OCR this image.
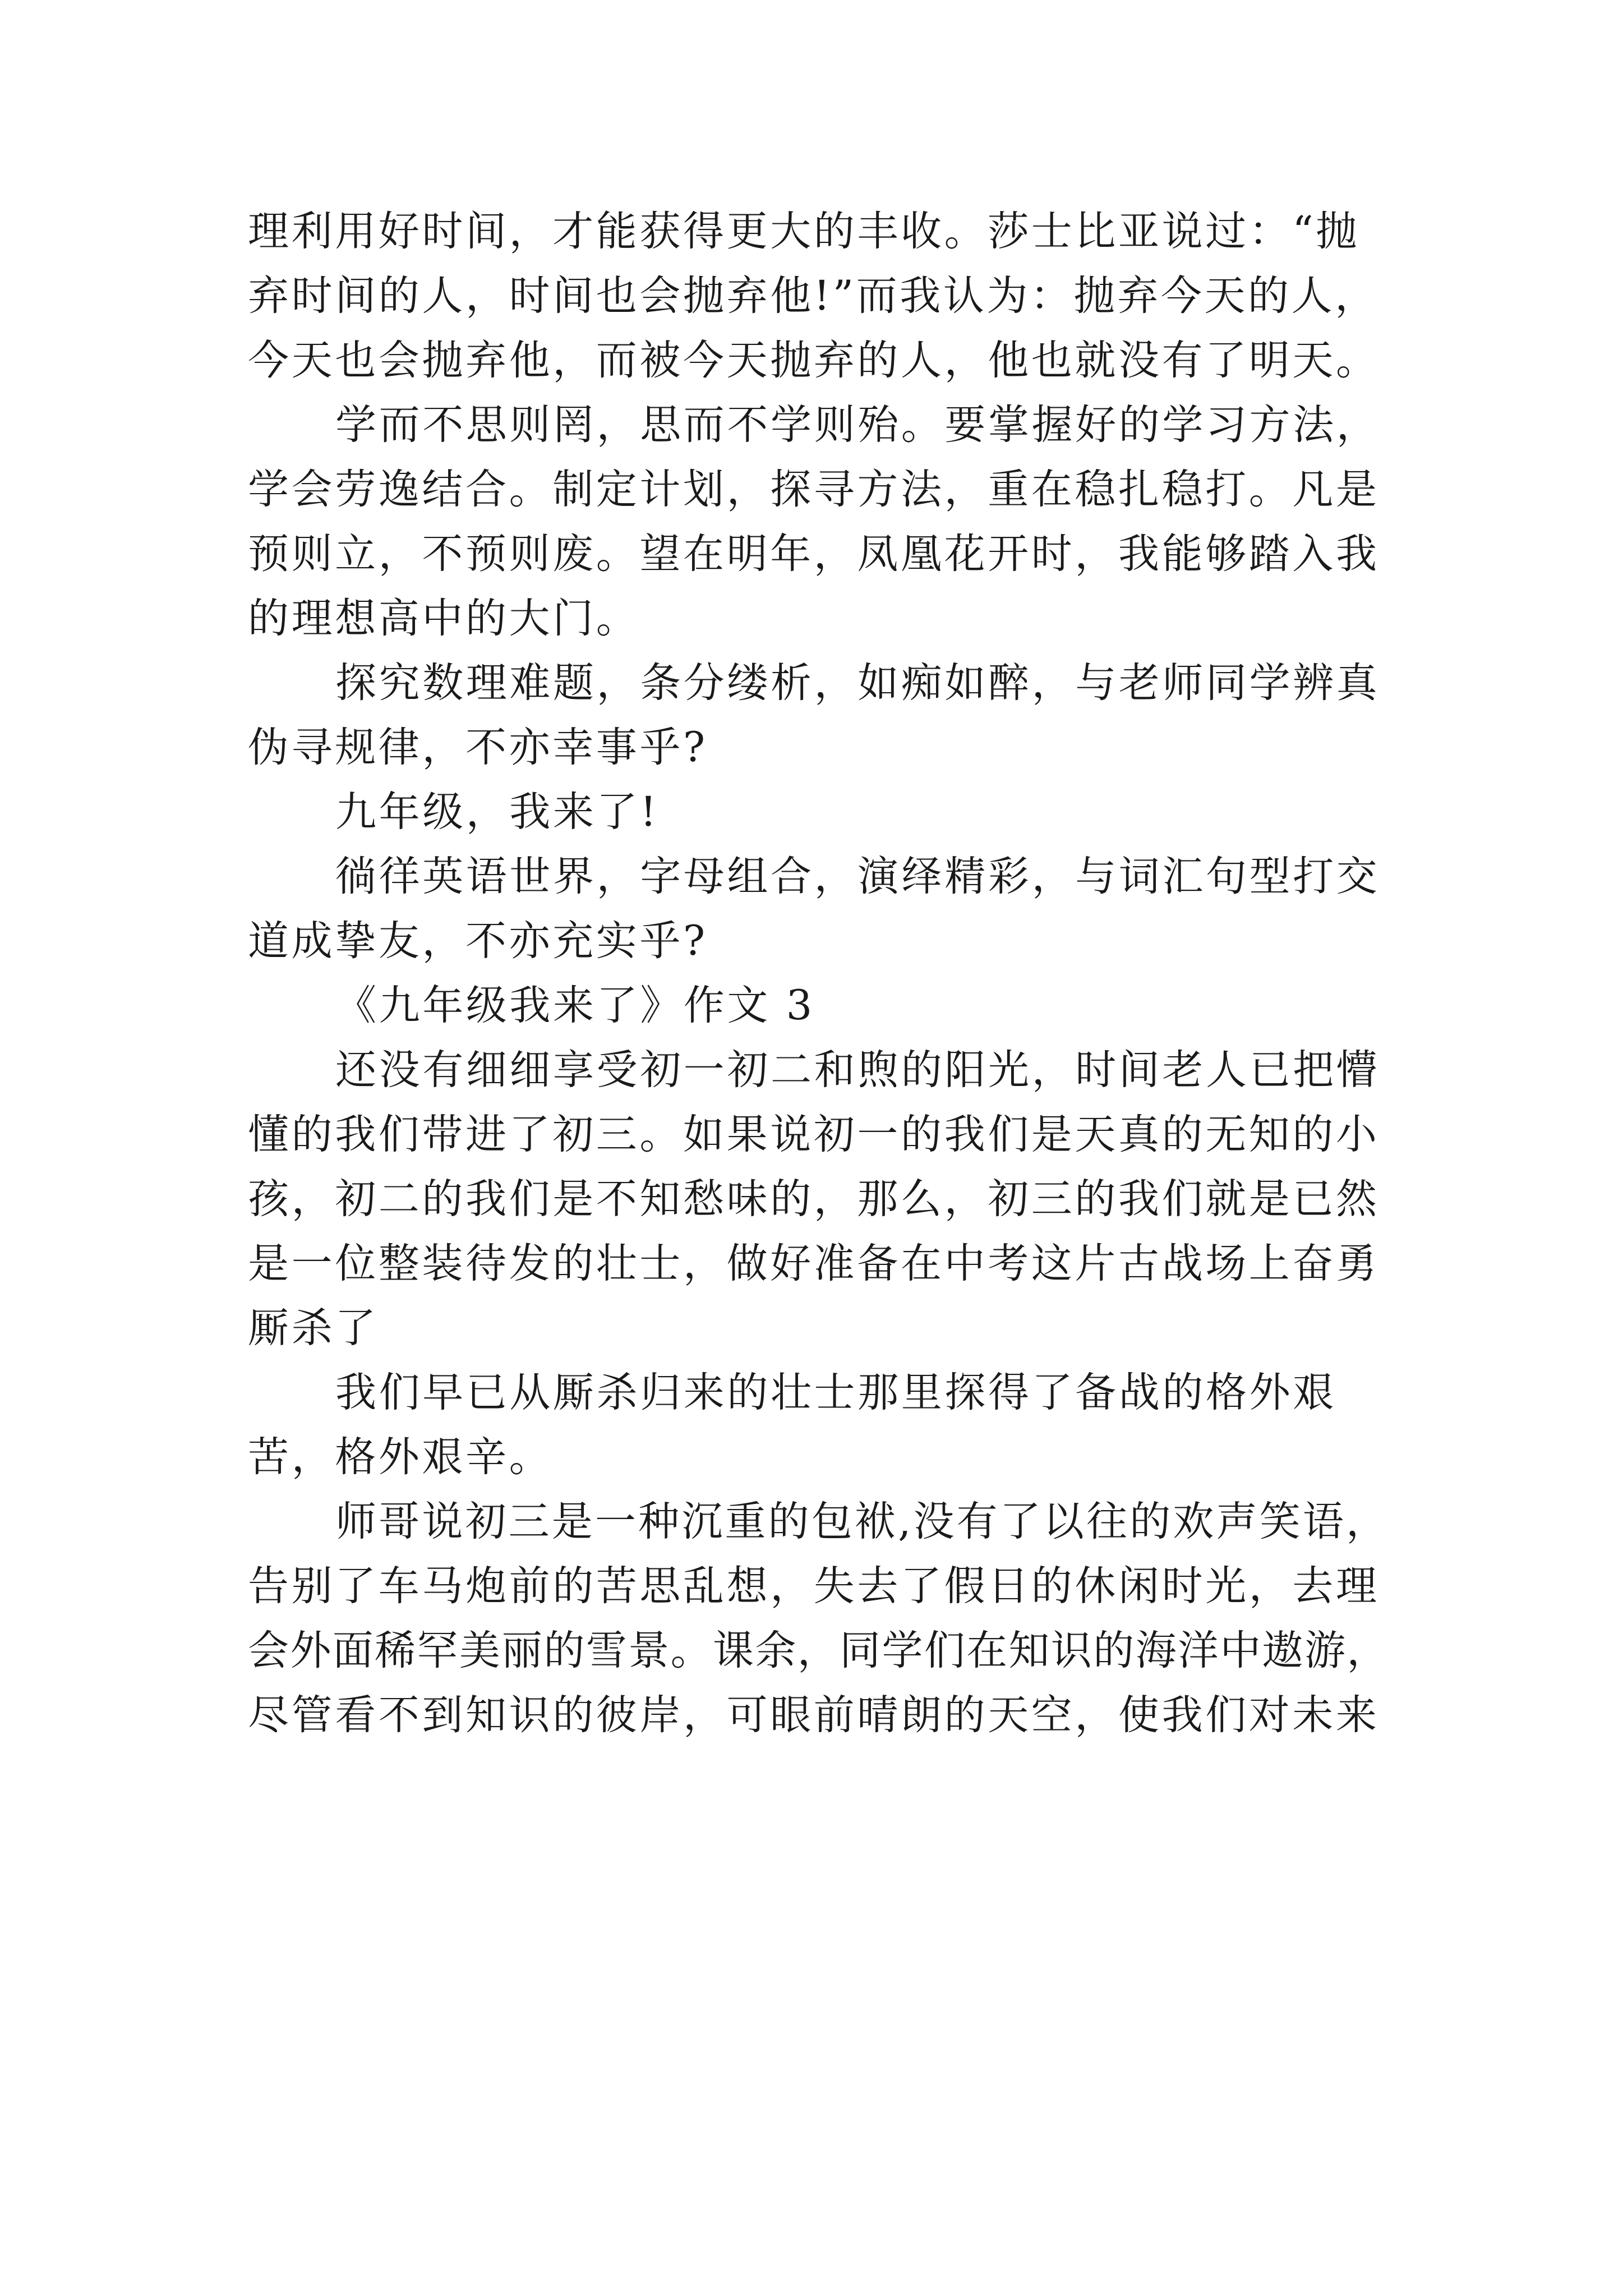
理利用好时间，才能获得更大的丰收。莎士比亚说过：“抛
弃时间的人，时间也会抛弃他!”而我认为：抛弃今天的人，
今天也会抛弃他，而被今天抛弃的人，他也就没有了明天。
学而不思则罔，思而不学则殆。要掌握好的学习方法，
学会劳逸结合。制定计划，探寻方法，重在稳扎稳打。凡是
预则立，不预则废。望在明年，凤凰花开时，我能够踏入我
的理想高中的大门。
探究数理难题，条分缕析，如痴如醉，与老师同学辨真
伪寻规律，不亦幸事乎?
九年级，我来了!
徜徉英语世界，字母组合，演绎精彩，与词汇句型打交
道成挚友，不亦充实乎?
《九年级我来了》作文 3
还没有细细享受初一初二和煦的阳光，时间老人已把懵
懂的我们带进了初三。如果说初一的我们是天真的无知的小
孩，初二的我们是不知愁味的，那么，初三的我们就是已然
是一位整装待发的壮士，做好准备在中考这片古战场上奋勇
厮杀了
我们早已从厮杀归来的壮士那里探得了备战的格外艰
苦，格外艰辛。
师哥说初三是一种沉重的包袱,没有了以往的欢声笑语，
告别了车马炮前的苦思乱想，失去了假日的休闲时光，去理
会外面稀罕美丽的雪景。课余，同学们在知识的海洋中遨游，
尽管看不到知识的彼岸，可眼前晴朗的天空，使我们对未来
